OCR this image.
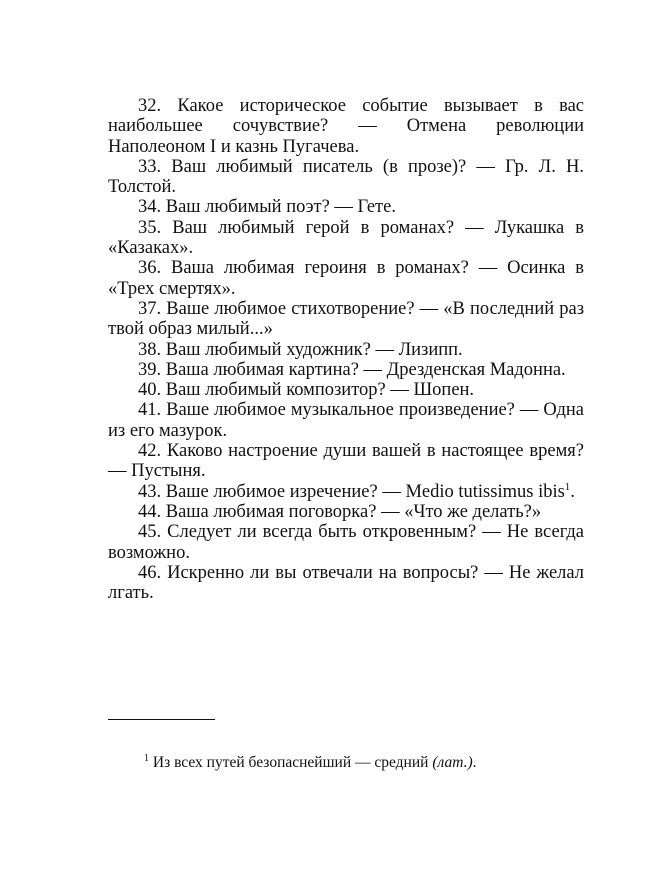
32. Какое историческое событие вызывает в вас наибольшее сочувствие? — Отмена революции Наполеоном I и казнь Пугачева.

33. Ваш любимый писатель (в прозе)? — Гр. Л. Н. Толстой.

34. Ваш любимый поэт? — Гете.

35. Ваш любимый герой в романах? — Лукашка в «Казаках».

36. Ваша любимая героиня в романах? — Осинка в «Трех смертях».

37. Ваше любимое стихотворение? — «В последний раз твой образ милый...»

38. Ваш любимый художник? — Лизипп.

39. Ваша любимая картина? — Дрезденская Мадонна.

40. Ваш любимый композитор? — Шопен.

41. Ваше любимое музыкальное произведение? — Одна из его мазурок.

42. Каково настроение души вашей в настоящее время? — Пустыня.

43. Ваше любимое изречение? — Medio tutissimus ibis$^1$.

44. Ваша любимая поговорка? — «Что же делать?»

45. Следует ли всегда быть откровенным? — Не всегда возможно.

46. Искренно ли вы отвечали на вопросы? — Не желал лгать.

$^1$ Из всех путей безопаснейший — средний (лат.).
